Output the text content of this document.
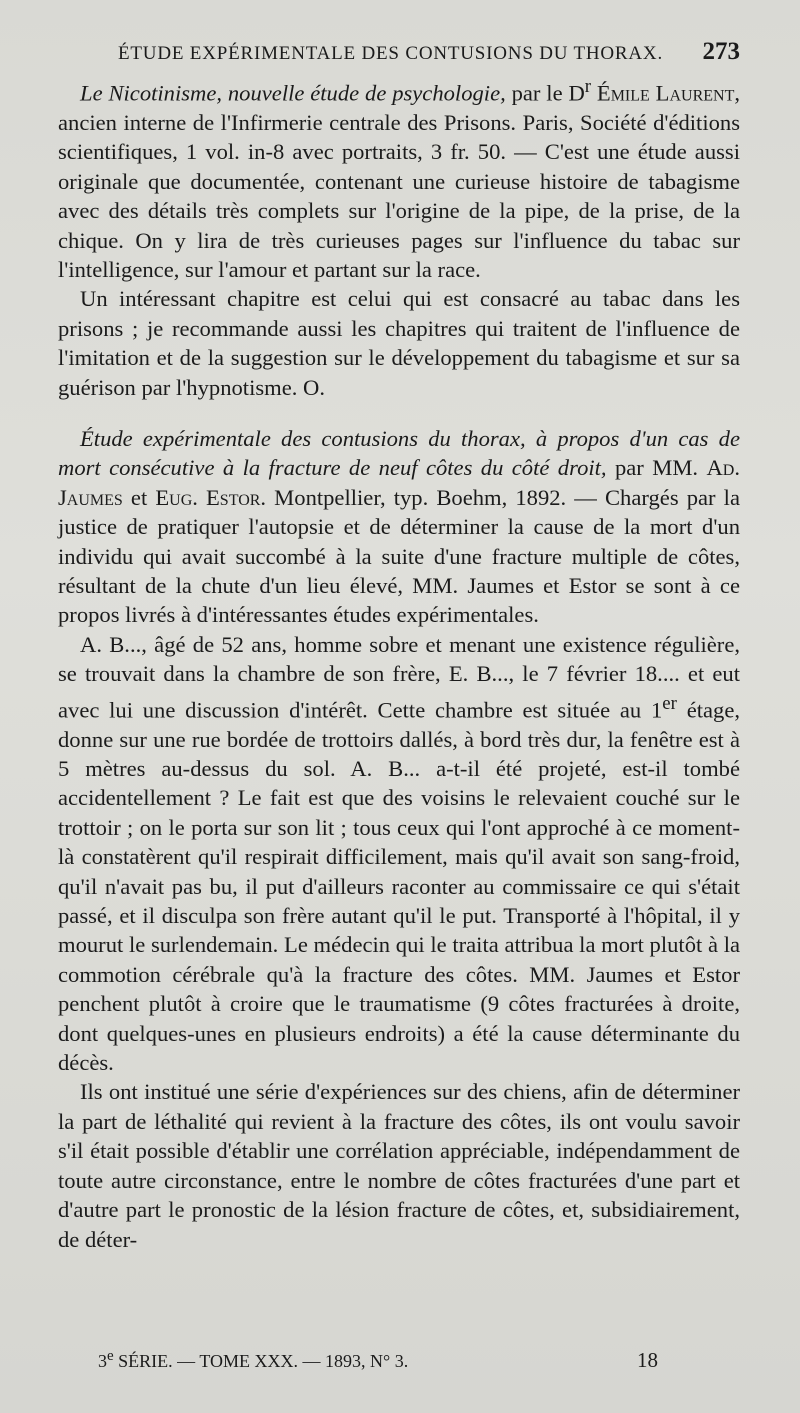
ÉTUDE EXPÉRIMENTALE DES CONTUSIONS DU THORAX. 273

Le Nicotinisme, nouvelle étude de psychologie, par le $D^r$ Émile Laurent, ancien interne de l'Infirmerie centrale des Prisons. Paris, Société d'éditions scientifiques, 1 vol. in-8 avec portraits, 3 fr. 50. — C'est une étude aussi originale que documentée, contenant une curieuse histoire de tabagisme avec des détails très complets sur l'origine de la pipe, de la prise, de la chique. On y lira de très curieuses pages sur l'influence du tabac sur l'intelligence, sur l'amour et partant sur la race.

Un intéressant chapitre est celui qui est consacré au tabac dans les prisons ; je recommande aussi les chapitres qui traitent de l'influence de l'imitation et de la suggestion sur le développement du tabagisme et sur sa guérison par l'hypnotisme. O.

Étude expérimentale des contusions du thorax, à propos d'un cas de mort consécutive à la fracture de neuf côtes du côté droit, par MM. Ad. Jaumes et Eug. Estor. Montpellier, typ. Boehm, 1892. — Chargés par la justice de pratiquer l'autopsie et de déterminer la cause de la mort d'un individu qui avait succombé à la suite d'une fracture multiple de côtes, résultant de la chute d'un lieu élevé, MM. Jaumes et Estor se sont à ce propos livrés à d'intéressantes études expérimentales.

A. B..., âgé de 52 ans, homme sobre et menant une existence régulière, se trouvait dans la chambre de son frère, E. B..., le 7 février 18.... et eut avec lui une discussion d'intérêt. Cette chambre est située au 1er étage, donne sur une rue bordée de trottoirs dallés, à bord très dur, la fenêtre est à 5 mètres au-dessus du sol. A. B... a-t-il été projeté, est-il tombé accidentellement ? Le fait est que des voisins le relevaient couché sur le trottoir ; on le porta sur son lit ; tous ceux qui l'ont approché à ce moment-là constatèrent qu'il respirait difficilement, mais qu'il avait son sang-froid, qu'il n'avait pas bu, il put d'ailleurs raconter au commissaire ce qui s'était passé, et il disculpa son frère autant qu'il le put. Transporté à l'hôpital, il y mourut le surlendemain. Le médecin qui le traita attribua la mort plutôt à la commotion cérébrale qu'à la fracture des côtes. MM. Jaumes et Estor penchent plutôt à croire que le traumatisme (9 côtes fracturées à droite, dont quelques-unes en plusieurs endroits) a été la cause déterminante du décès.

Ils ont institué une série d'expériences sur des chiens, afin de déterminer la part de léthalité qui revient à la fracture des côtes, ils ont voulu savoir s'il était possible d'établir une corrélation appréciable, indépendamment de toute autre circonstance, entre le nombre de côtes fracturées d'une part et d'autre part le pronostic de la lésion fracture de côtes, et, subsidiairement, de déter-

3e SÉRIE. — TOME XXX. — 1893, N° 3.	18
